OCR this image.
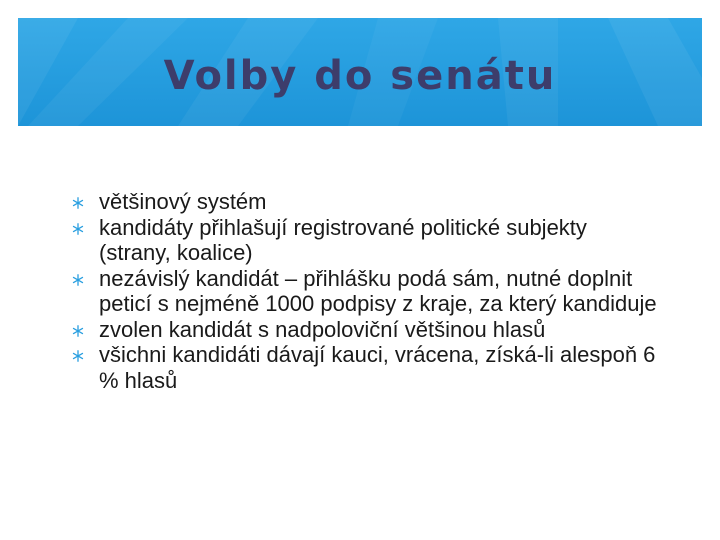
Volby do senátu
většinový systém
kandidáty přihlašují registrované politické subjekty (strany, koalice)
nezávislý kandidát – přihlášku podá sám, nutné doplnit peticí s nejméně 1000 podpisy z kraje, za který kandiduje
zvolen kandidát s nadpoloviční většinou hlasů
všichni kandidáti dávají kauci, vrácena, získá-li alespoň 6 % hlasů
